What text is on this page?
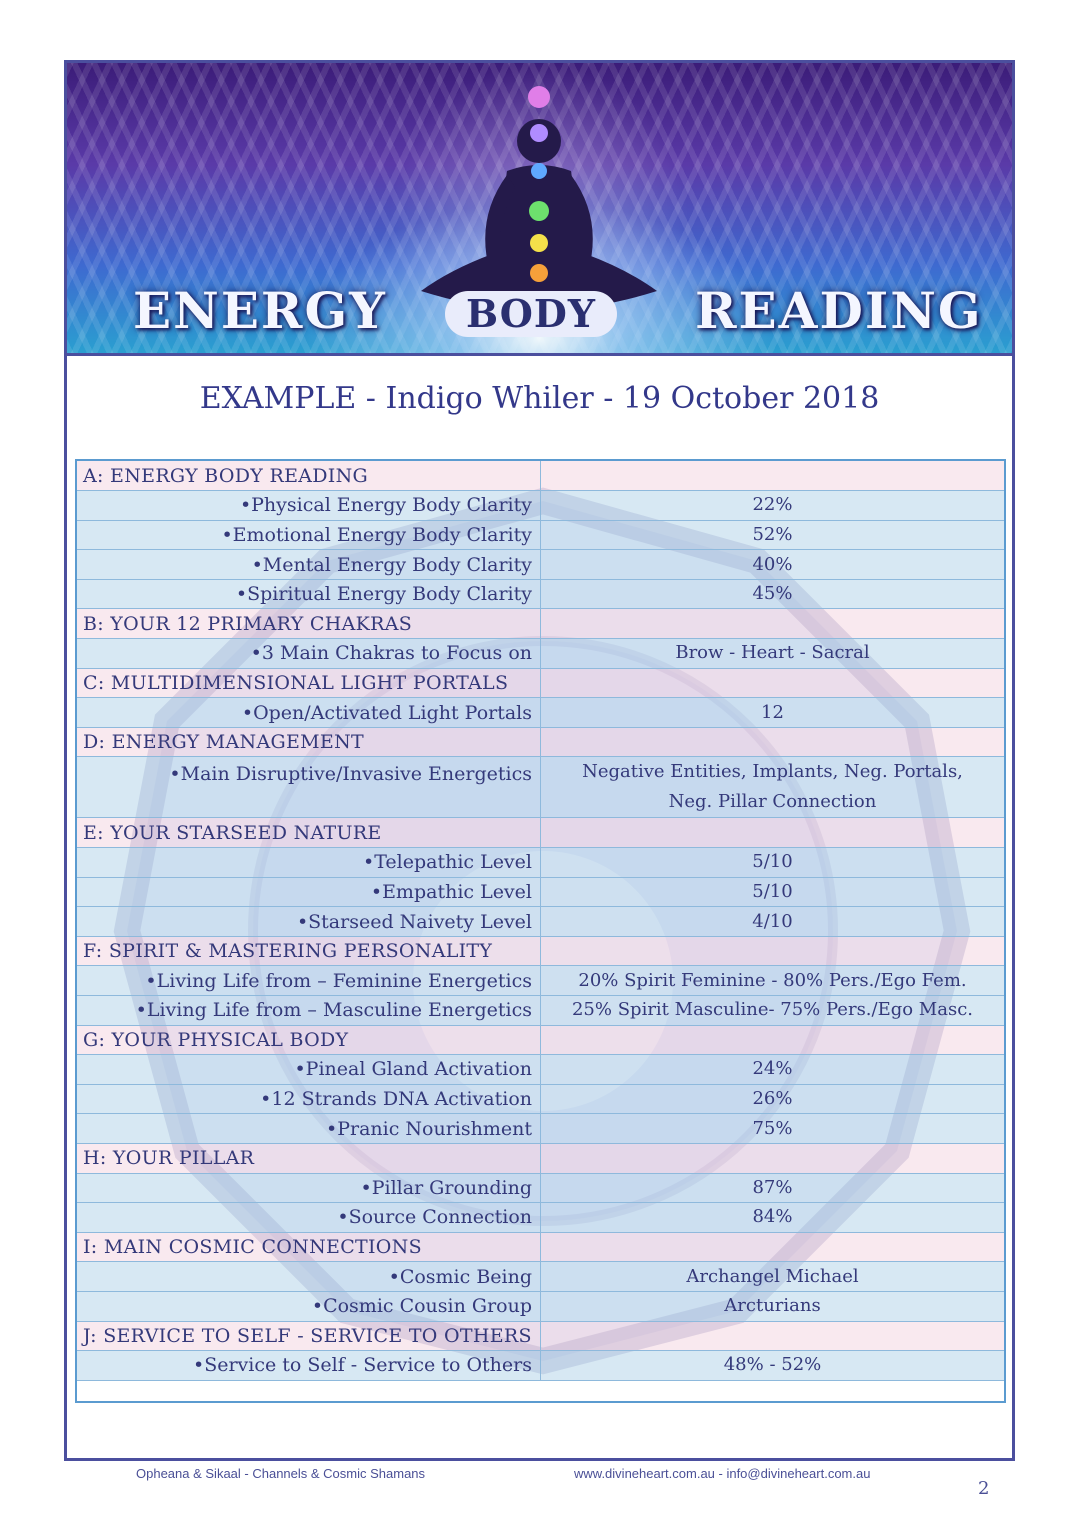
ENERGY	BODY	READING
EXAMPLE - Indigo Whiler - 19 October 2018
A: ENERGY BODY READING	
•Physical Energy Body Clarity	22%
•Emotional Energy Body Clarity	52%
•Mental Energy Body Clarity	40%
•Spiritual Energy Body Clarity	45%
B: YOUR 12 PRIMARY CHAKRAS	
•3 Main Chakras to Focus on	Brow - Heart - Sacral
C: MULTIDIMENSIONAL LIGHT PORTALS	
•Open/Activated Light Portals	12
D: ENERGY MANAGEMENT	
•Main Disruptive/Invasive Energetics	Negative Entities, Implants, Neg. Portals,
Neg. Pillar Connection

E: YOUR STARSEED NATURE	
•Telepathic Level	5/10
•Empathic Level	5/10
•Starseed Naivety Level	4/10
F: SPIRIT & MASTERING PERSONALITY	
•Living Life from – Feminine Energetics	20% Spirit Feminine - 80% Pers./Ego Fem.
•Living Life from – Masculine Energetics	25% Spirit Masculine- 75% Pers./Ego Masc.
G: YOUR PHYSICAL BODY	
•Pineal Gland Activation	24%
•12 Strands DNA Activation	26%
•Pranic Nourishment	75%
H: YOUR PILLAR	
•Pillar Grounding	87%
•Source Connection	84%
I: MAIN COSMIC CONNECTIONS	
•Cosmic Being	Archangel Michael
•Cosmic Cousin Group	Arcturians
J: SERVICE TO SELF - SERVICE TO OTHERS	
•Service to Self - Service to Others	48% - 52%
Opheana & Sikaal - Channels & Cosmic Shamans	www.divineheart.com.au - info@divineheart.com.au
2
